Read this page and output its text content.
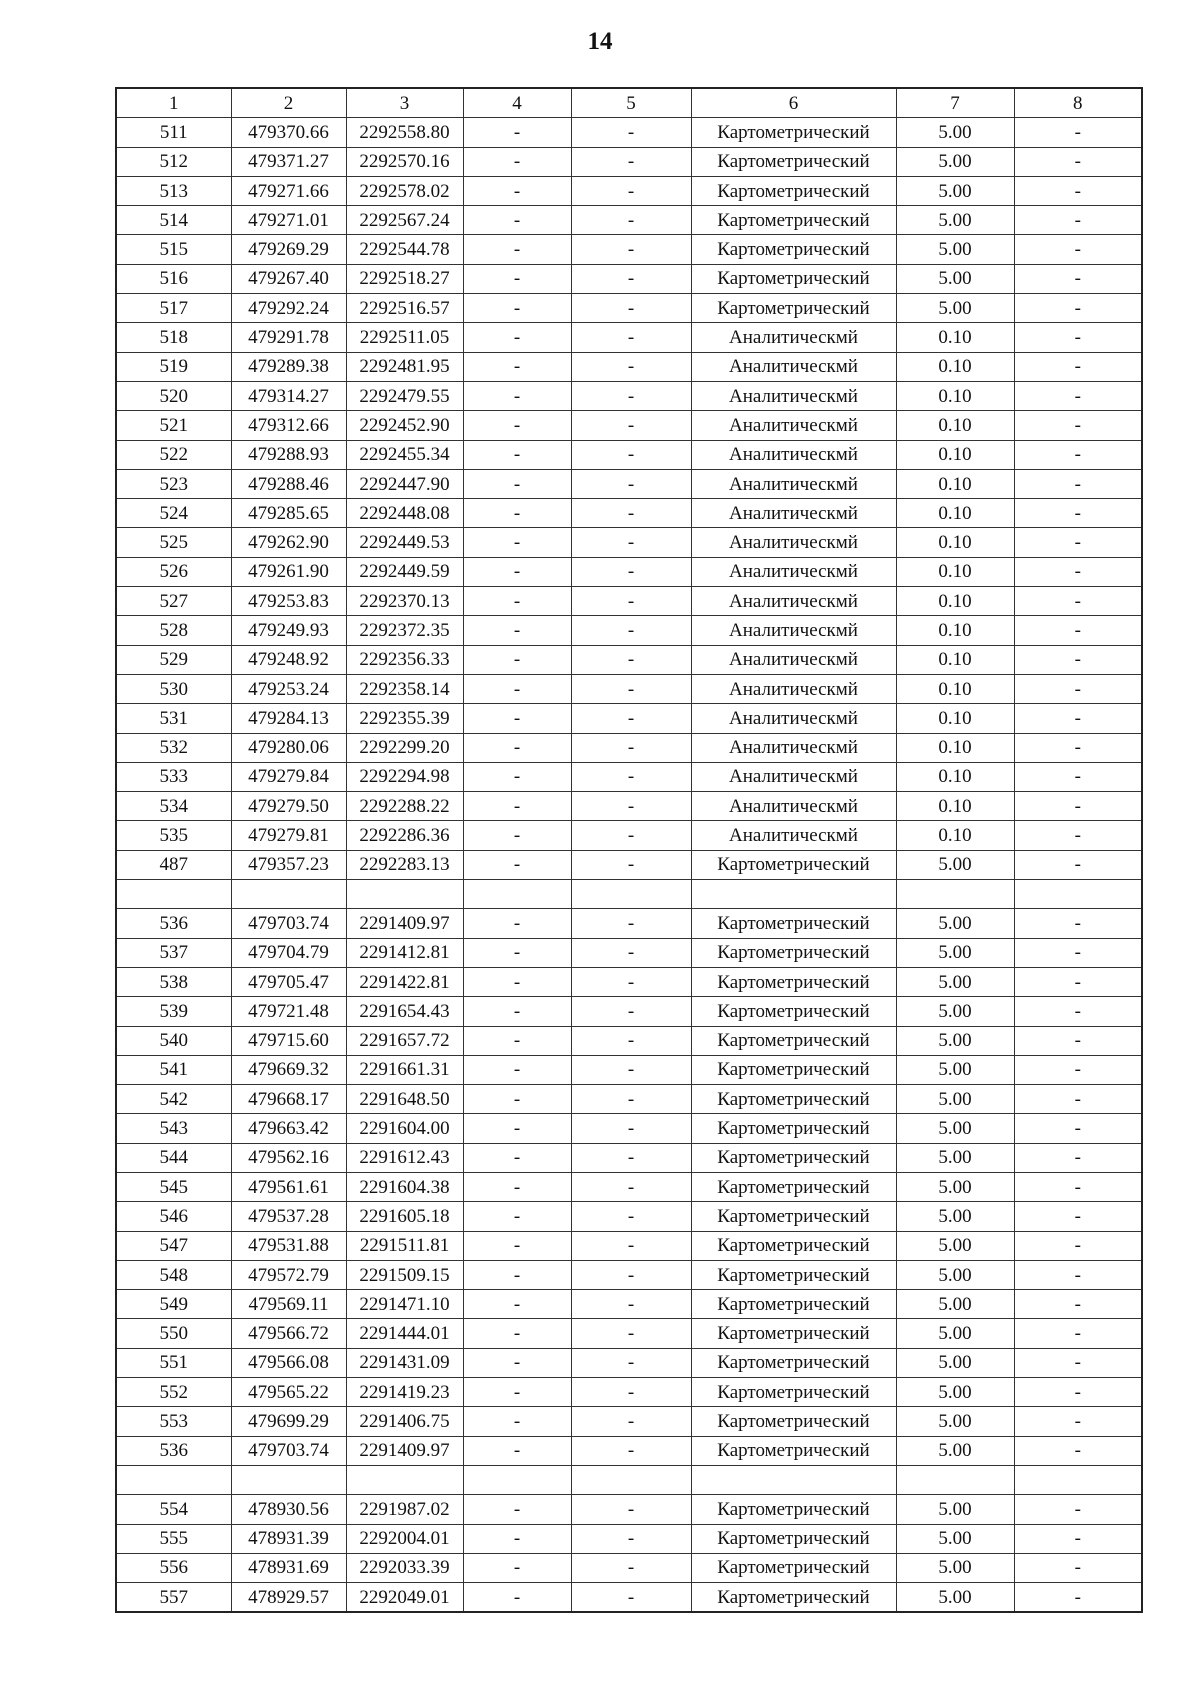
14
1	2	3	4	5	6	7	8
511	479370.66	2292558.80	-	-	Картометрический	5.00	-
512	479371.27	2292570.16	-	-	Картометрический	5.00	-
513	479271.66	2292578.02	-	-	Картометрический	5.00	-
514	479271.01	2292567.24	-	-	Картометрический	5.00	-
515	479269.29	2292544.78	-	-	Картометрический	5.00	-
516	479267.40	2292518.27	-	-	Картометрический	5.00	-
517	479292.24	2292516.57	-	-	Картометрический	5.00	-
518	479291.78	2292511.05	-	-	Аналитическмй	0.10	-
519	479289.38	2292481.95	-	-	Аналитическмй	0.10	-
520	479314.27	2292479.55	-	-	Аналитическмй	0.10	-
521	479312.66	2292452.90	-	-	Аналитическмй	0.10	-
522	479288.93	2292455.34	-	-	Аналитическмй	0.10	-
523	479288.46	2292447.90	-	-	Аналитическмй	0.10	-
524	479285.65	2292448.08	-	-	Аналитическмй	0.10	-
525	479262.90	2292449.53	-	-	Аналитическмй	0.10	-
526	479261.90	2292449.59	-	-	Аналитическмй	0.10	-
527	479253.83	2292370.13	-	-	Аналитическмй	0.10	-
528	479249.93	2292372.35	-	-	Аналитическмй	0.10	-
529	479248.92	2292356.33	-	-	Аналитическмй	0.10	-
530	479253.24	2292358.14	-	-	Аналитическмй	0.10	-
531	479284.13	2292355.39	-	-	Аналитическмй	0.10	-
532	479280.06	2292299.20	-	-	Аналитическмй	0.10	-
533	479279.84	2292294.98	-	-	Аналитическмй	0.10	-
534	479279.50	2292288.22	-	-	Аналитическмй	0.10	-
535	479279.81	2292286.36	-	-	Аналитическмй	0.10	-
487	479357.23	2292283.13	-	-	Картометрический	5.00	-

536	479703.74	2291409.97	-	-	Картометрический	5.00	-
537	479704.79	2291412.81	-	-	Картометрический	5.00	-
538	479705.47	2291422.81	-	-	Картометрический	5.00	-
539	479721.48	2291654.43	-	-	Картометрический	5.00	-
540	479715.60	2291657.72	-	-	Картометрический	5.00	-
541	479669.32	2291661.31	-	-	Картометрический	5.00	-
542	479668.17	2291648.50	-	-	Картометрический	5.00	-
543	479663.42	2291604.00	-	-	Картометрический	5.00	-
544	479562.16	2291612.43	-	-	Картометрический	5.00	-
545	479561.61	2291604.38	-	-	Картометрический	5.00	-
546	479537.28	2291605.18	-	-	Картометрический	5.00	-
547	479531.88	2291511.81	-	-	Картометрический	5.00	-
548	479572.79	2291509.15	-	-	Картометрический	5.00	-
549	479569.11	2291471.10	-	-	Картометрический	5.00	-
550	479566.72	2291444.01	-	-	Картометрический	5.00	-
551	479566.08	2291431.09	-	-	Картометрический	5.00	-
552	479565.22	2291419.23	-	-	Картометрический	5.00	-
553	479699.29	2291406.75	-	-	Картометрический	5.00	-
536	479703.74	2291409.97	-	-	Картометрический	5.00	-

554	478930.56	2291987.02	-	-	Картометрический	5.00	-
555	478931.39	2292004.01	-	-	Картометрический	5.00	-
556	478931.69	2292033.39	-	-	Картометрический	5.00	-
557	478929.57	2292049.01	-	-	Картометрический	5.00	-
